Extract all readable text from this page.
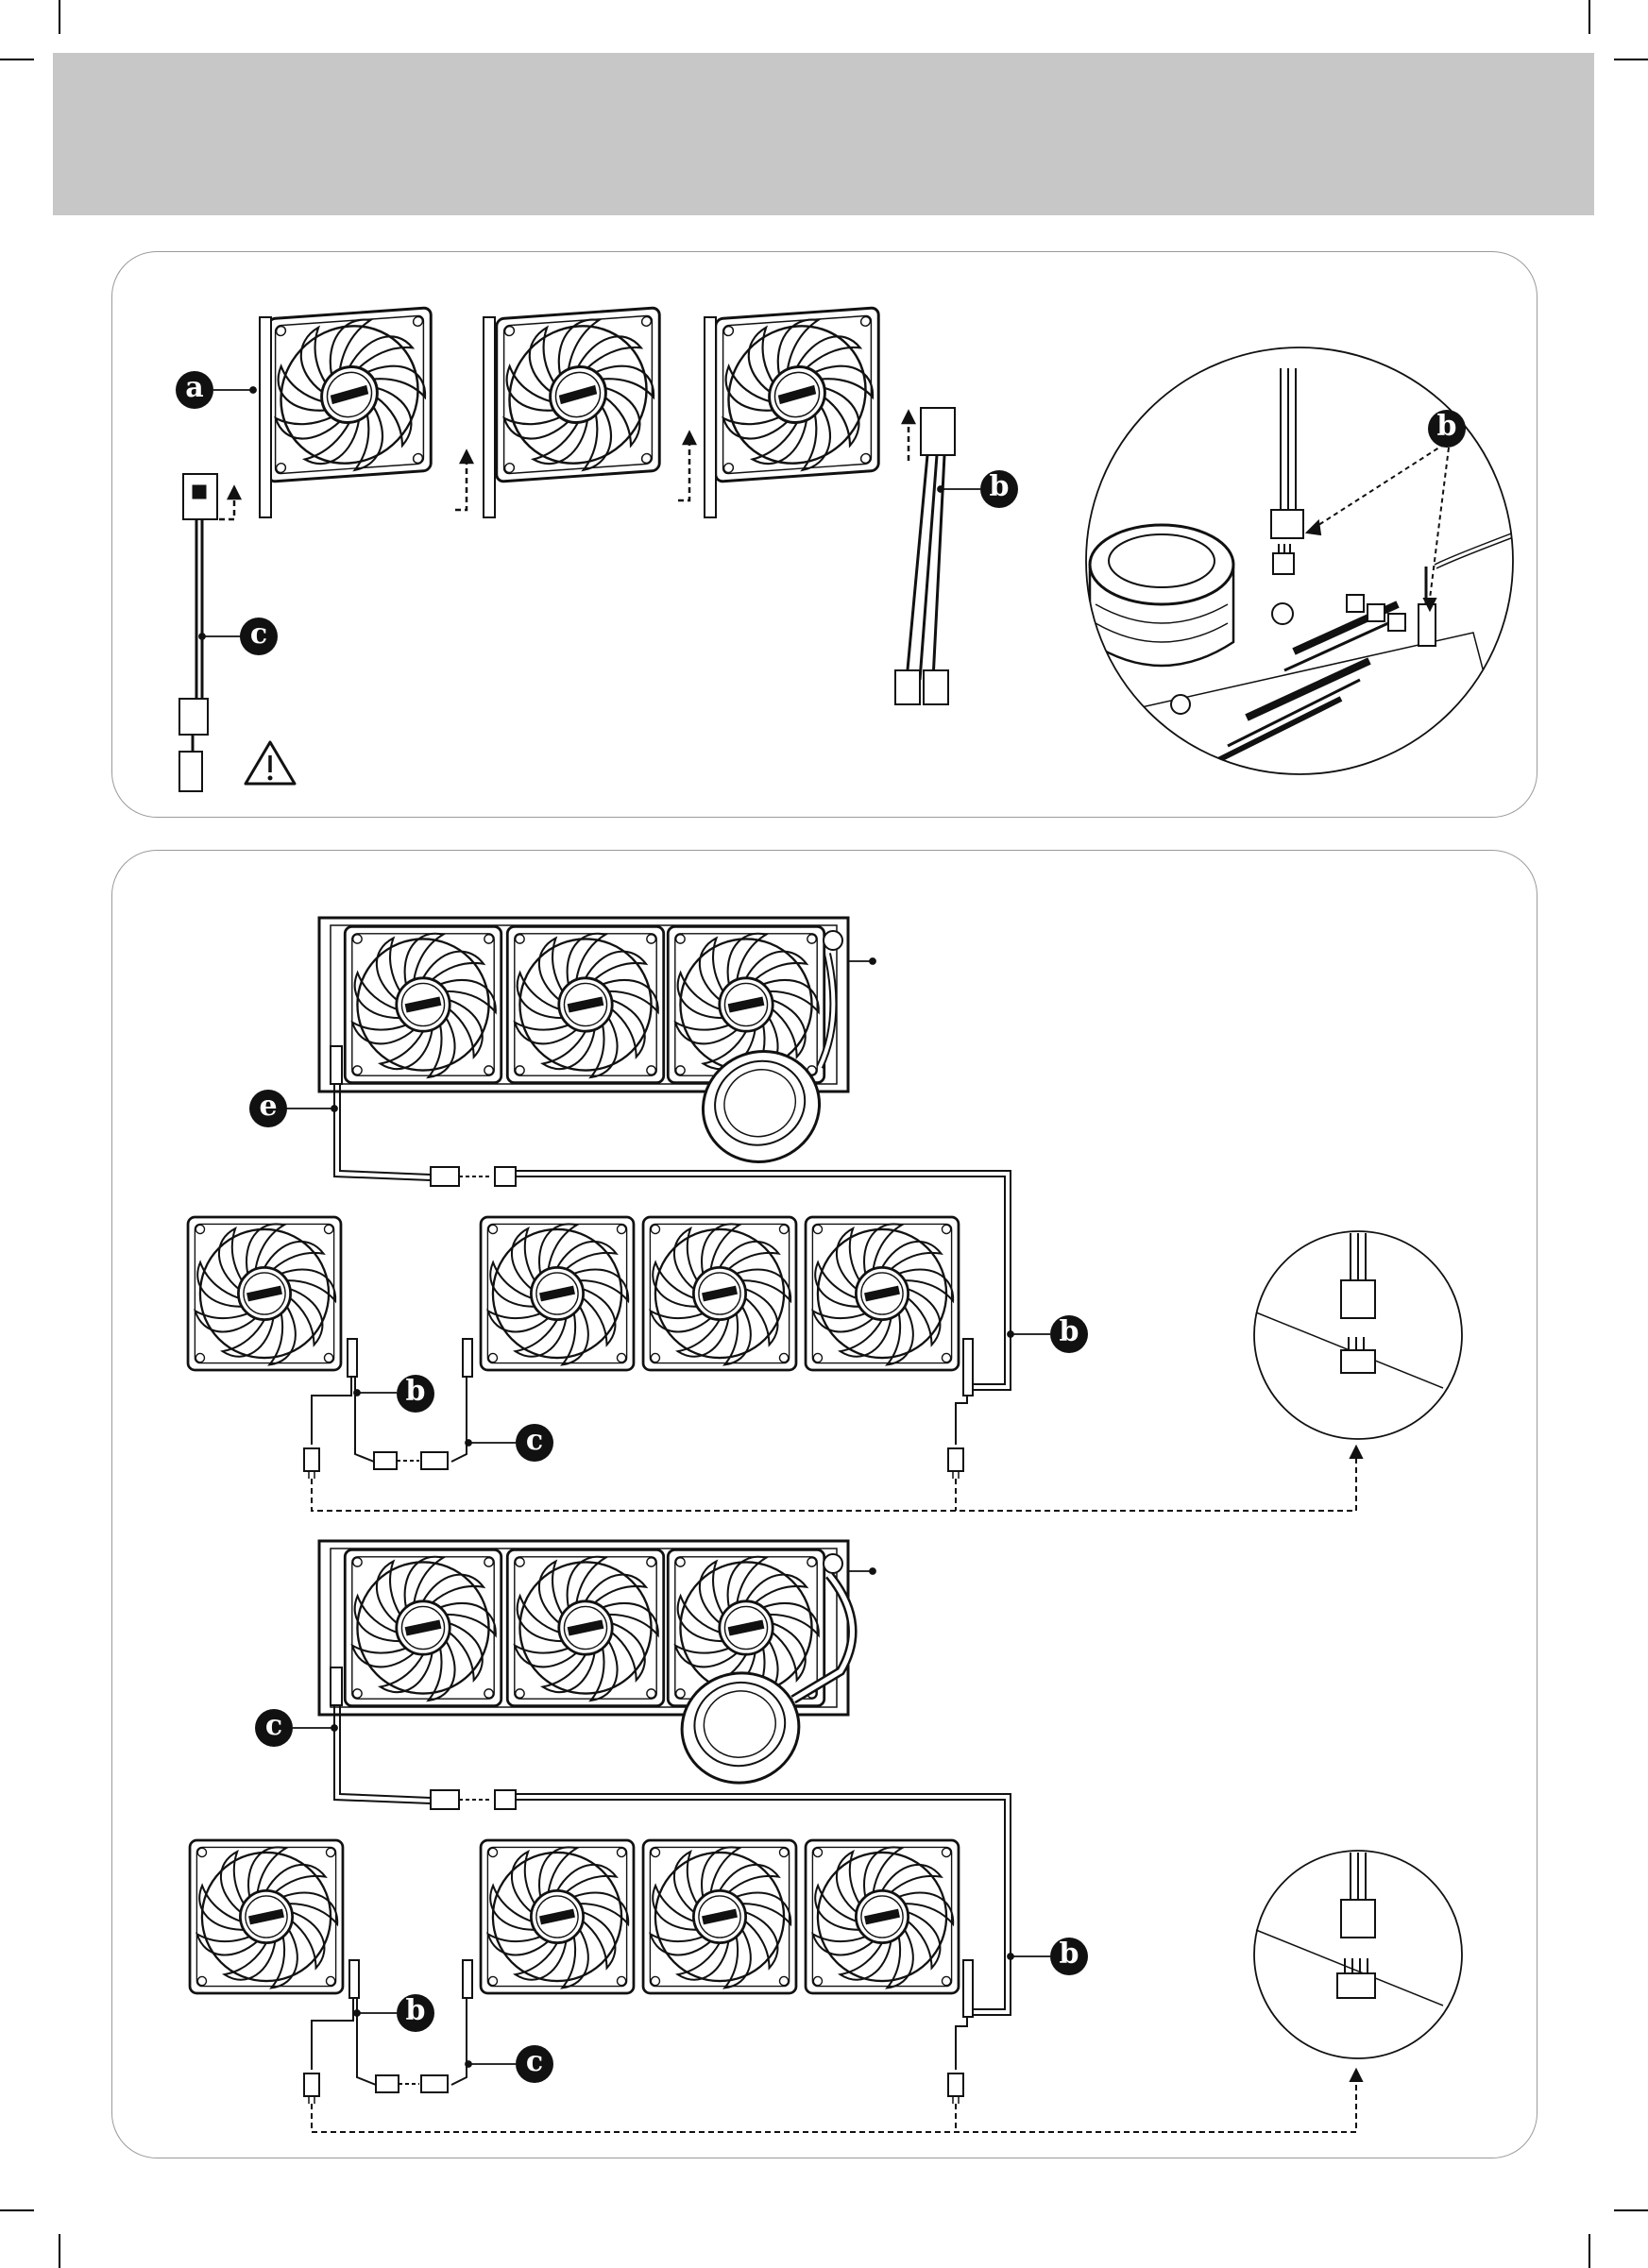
a
c
b
b
e
b
b
c
c
b
b
c
